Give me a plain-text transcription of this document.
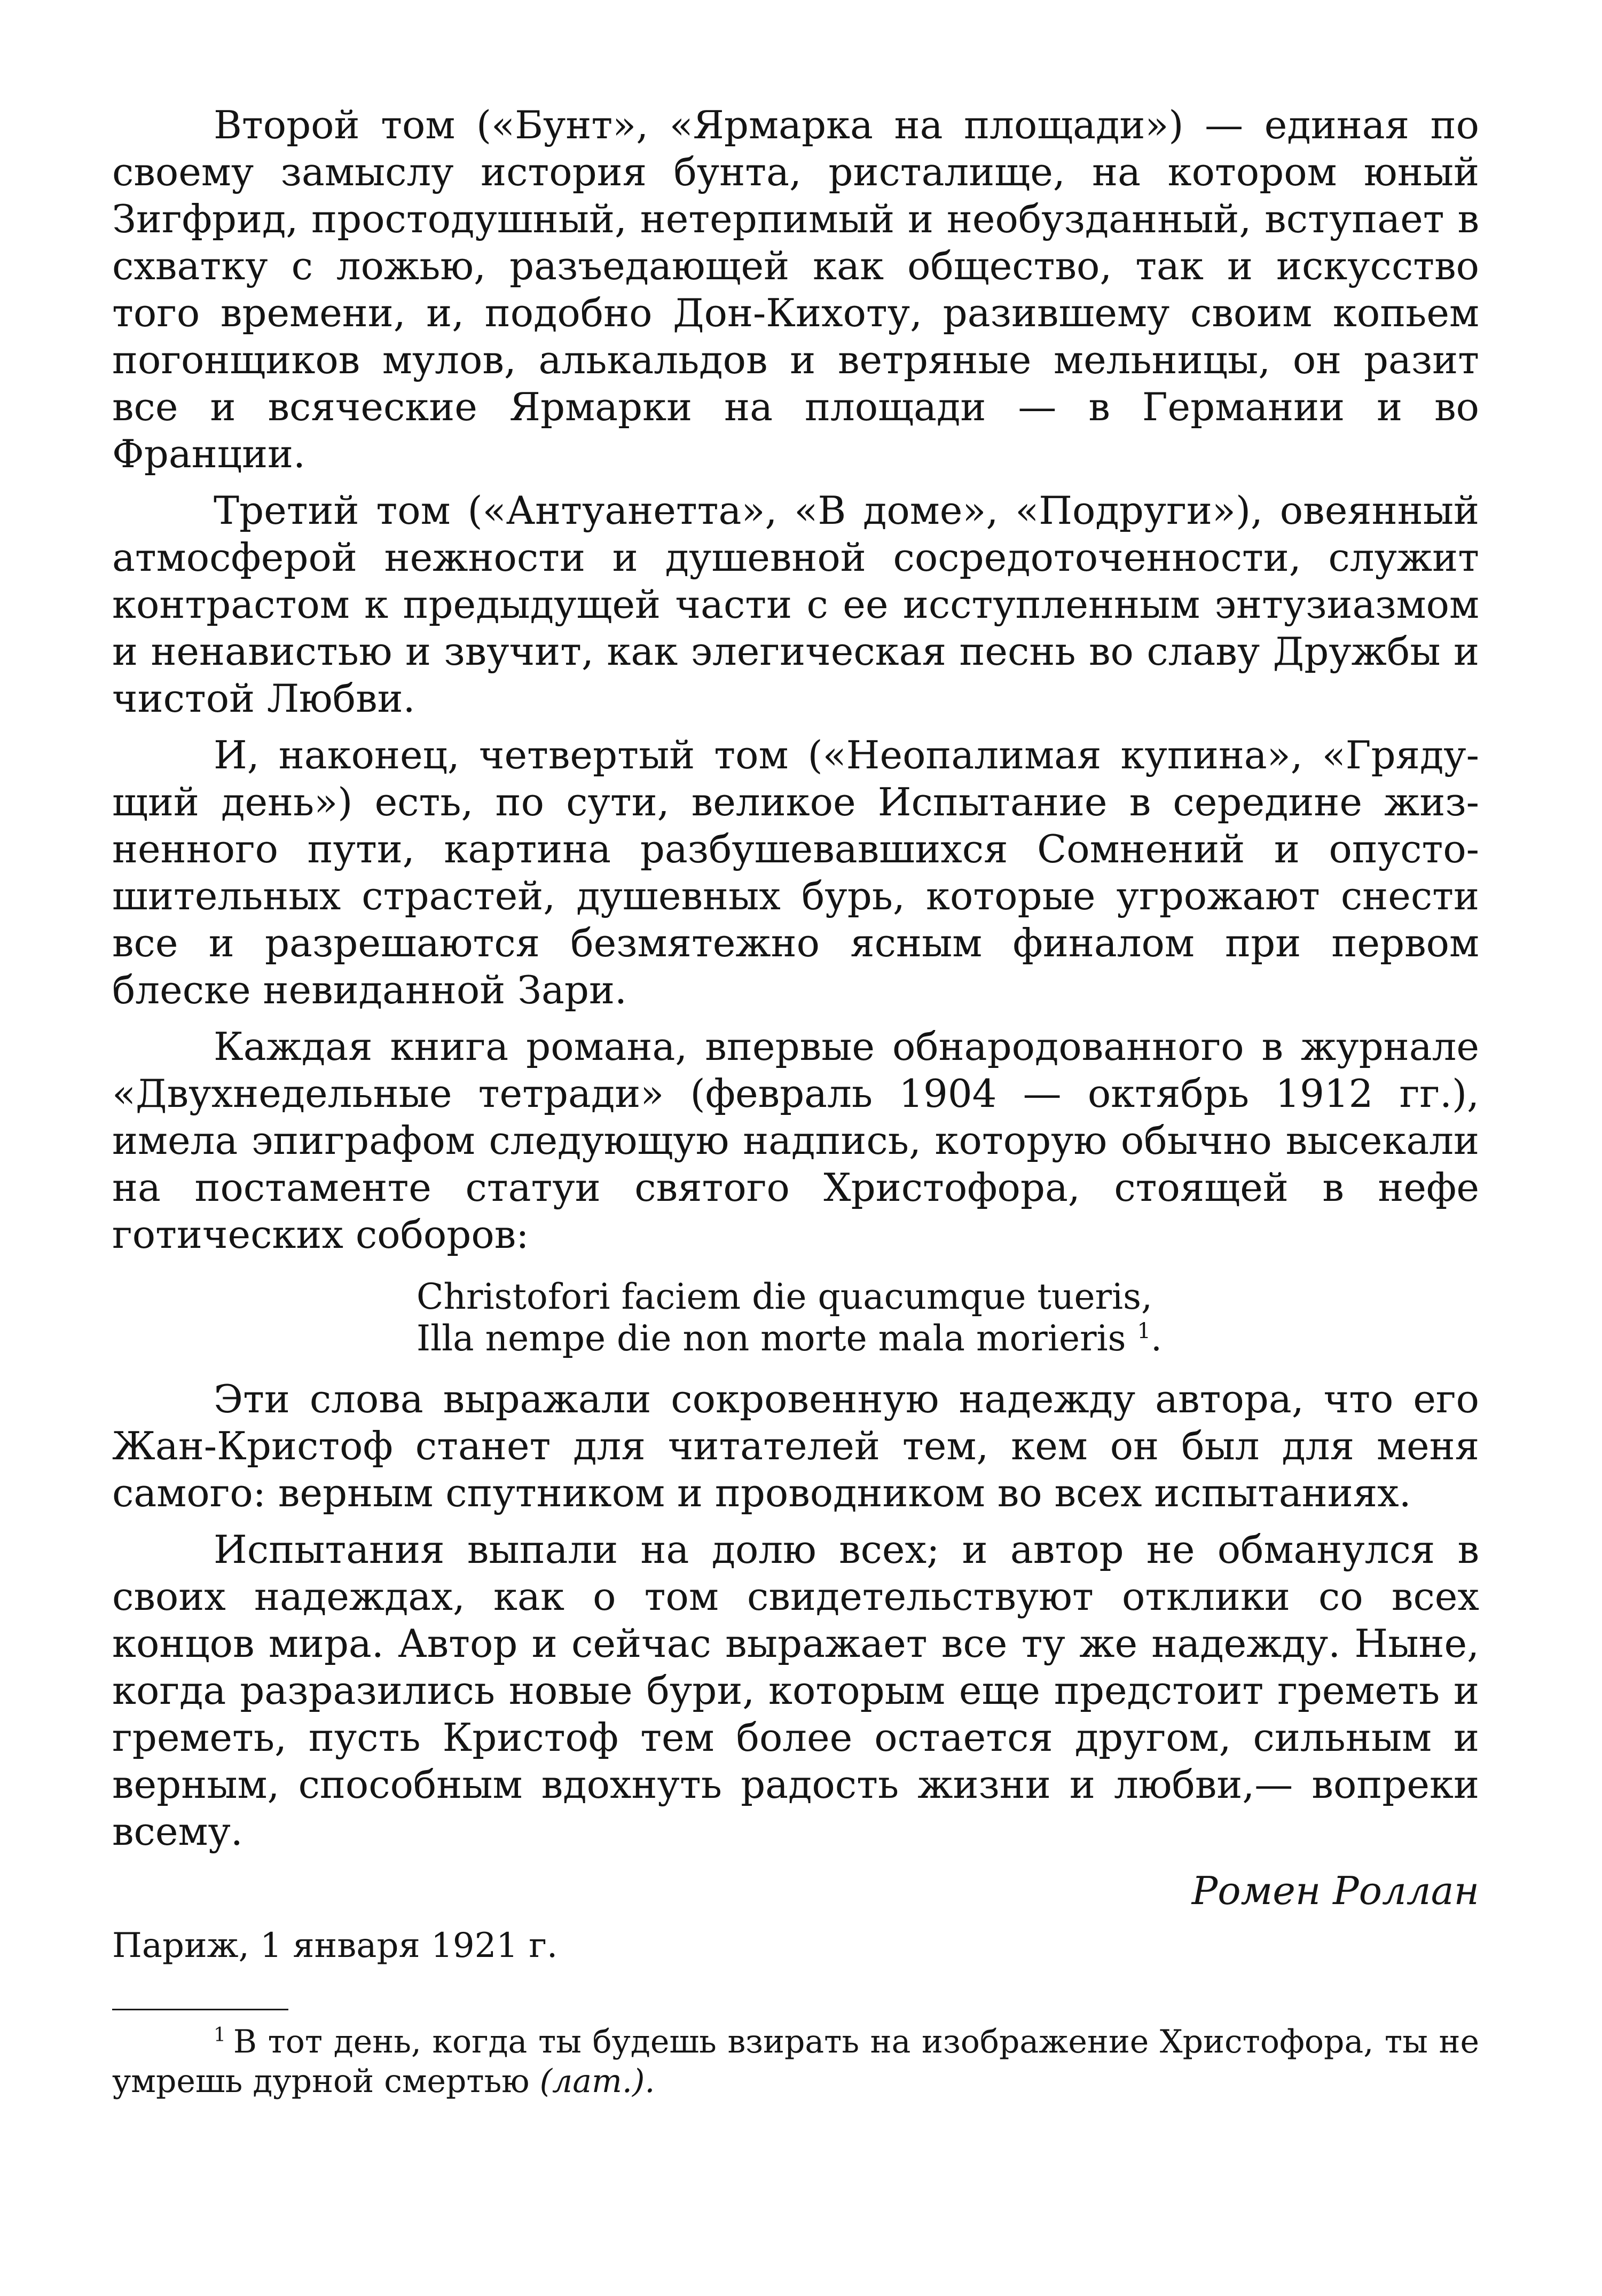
Второй том («Бунт», «Ярмарка на площади») — единая по своему замыслу история бунта, ристалище, на котором юный Зигфрид, простодушный, нетерпимый и необузданный, вступает в схватку с ложью, разъедающей как общество, так и искусство того времени, и, подобно Дон-Кихоту, разившему своим копьем погонщиков мулов, алькальдов и ветряные мельницы, он разит все и всяческие Ярмарки на площади — в Германии и во Франции.

Третий том («Антуанетта», «В доме», «Подруги»), овеянный атмосферой нежности и душевной сосредоточенности, служит контрастом к предыдущей части с ее исступленным энтузиазмом и ненавистью и звучит, как элегическая песнь во славу Дружбы и чистой Любви.

И, наконец, четвертый том («Неопалимая купина», «Грядущий день») есть, по сути, великое Испытание в середине жизненного пути, картина разбушевавшихся Сомнений и опустошительных страстей, душевных бурь, которые угрожают снести все и разрешаются безмятежно ясным финалом при первом блеске невиданной Зари.

Каждая книга романа, впервые обнародованного в журнале «Двухнедельные тетради» (февраль 1904 — октябрь 1912 гг.), имела эпиграфом следующую надпись, которую обычно высекали на постаменте статуи святого Христофора, стоящей в нефе готических соборов:

Christofori faciem die quacumque tueris,
Illa nempe die non morte mala morieris $^1$.

Эти слова выражали сокровенную надежду автора, что его Жан-Кристоф станет для читателей тем, кем он был для меня самого: верным спутником и проводником во всех испытаниях.

Испытания выпали на долю всех; и автор не обманулся в своих надеждах, как о том свидетельствуют отклики со всех концов мира. Автор и сейчас выражает все ту же надежду. Ныне, когда разразились новые бури, которым еще предстоит греметь и греметь, пусть Кристоф тем более остается другом, сильным и верным, способным вдохнуть радость жизни и любви,— вопреки всему.

Ромен Роллан
Париж, 1 января 1921 г.

$^1$ В тот день, когда ты будешь взирать на изображение Христофора, ты не умрешь дурной смертью (лат.).
